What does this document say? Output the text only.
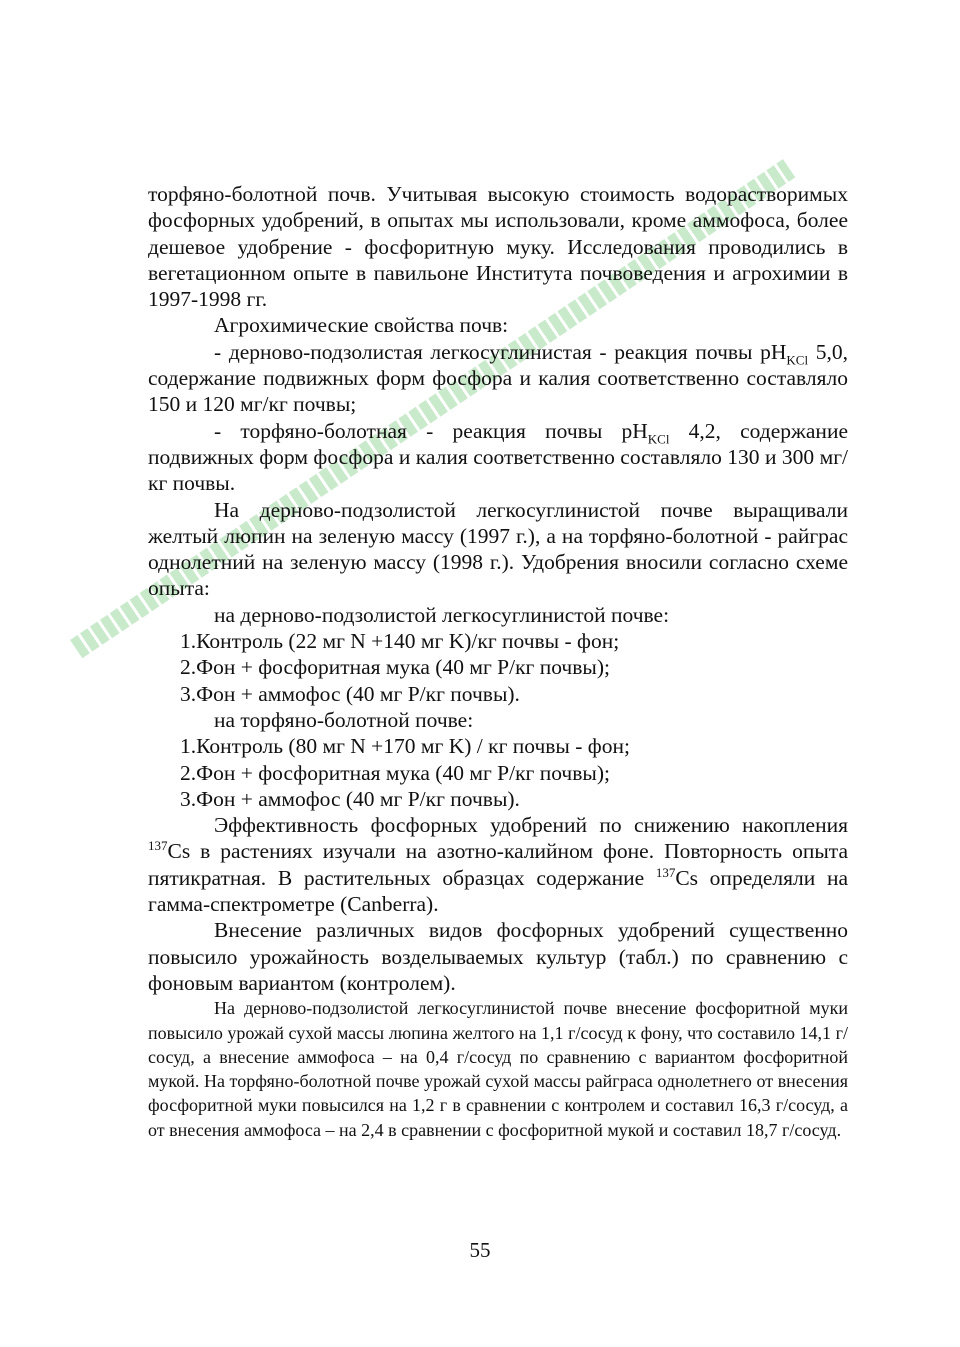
торфяно-болотной почв. Учитывая высокую стоимость водорастворимых фосфорных удобрений, в опытах мы использовали, кроме аммофоса, более дешевое удобрение - фосфоритную муку. Исследования проводились в вегетационном опыте в павильоне Института почвоведения и агрохимии в 1997-1998 гг.

Агрохимические свойства почв:

- дерново-подзолистая легкосуглинистая - реакция почвы $pH_{KCl}$ 5,0, содержание подвижных форм фосфора и калия соответственно составляло 150 и 120 мг/кг почвы;

- торфяно-болотная - реакция почвы $pH_{KCl}$ 4,2, содержание подвижных форм фосфора и калия соответственно составляло 130 и 300 мг/кг почвы.

На дерново-подзолистой легкосуглинистой почве выращивали желтый люпин на зеленую массу (1997 г.), а на торфяно-болотной - райграс однолетний на зеленую массу (1998 г.). Удобрения вносили согласно схеме опыта:

на дерново-подзолистой легкосуглинистой почве:

1.Контроль (22 мг N +140 мг K)/кг почвы - фон;

2.Фон + фосфоритная мука (40 мг P/кг почвы);

3.Фон + аммофос (40 мг P/кг почвы).

на торфяно-болотной почве:

1.Контроль (80 мг N +170 мг K) / кг почвы - фон;

2.Фон + фосфоритная мука (40 мг P/кг почвы);

3.Фон + аммофос (40 мг P/кг почвы).

Эффективность фосфорных удобрений по снижению накопления $^{137}$Cs в растениях изучали на азотно-калийном фоне. Повторность опыта пятикратная. В растительных образцах содержание $^{137}$Cs определяли на гамма-спектрометре (Canberra).

Внесение различных видов фосфорных удобрений существенно повысило урожайность возделываемых культур (табл.) по сравнению с фоновым вариантом (контролем).

На дерново-подзолистой легкосуглинистой почве внесение фосфоритной муки повысило урожай сухой массы люпина желтого на 1,1 г/сосуд к фону, что составило 14,1 г/сосуд, а внесение аммофоса – на 0,4 г/сосуд по сравнению с вариантом фосфоритной мукой. На торфяно-болотной почве урожай сухой массы райграса однолетнего от внесения фосфоритной муки повысился на 1,2 г в сравнении с контролем и составил 16,3 г/сосуд, а от внесения аммофоса – на 2,4 в сравнении с фосфоритной мукой и составил 18,7 г/сосуд.

55
